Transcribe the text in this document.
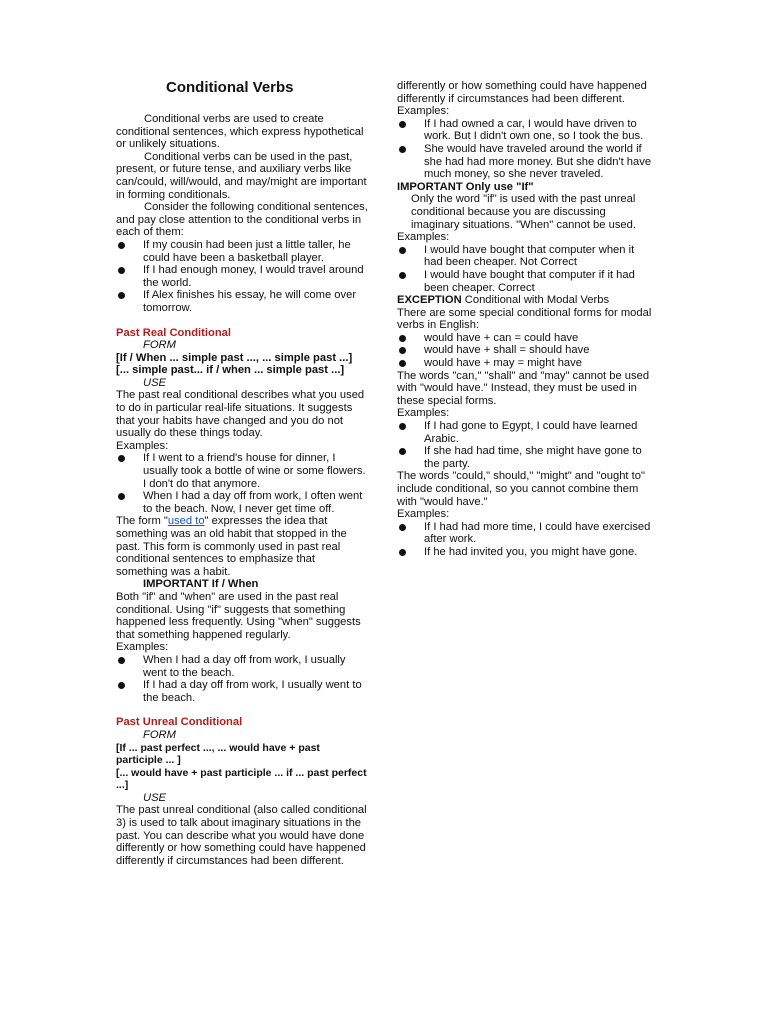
Conditional Verbs

Conditional verbs are used to create conditional sentences, which express hypothetical or unlikely situations.

Conditional verbs can be used in the past, present, or future tense, and auxiliary verbs like can/could, will/would, and may/might are important in forming conditionals.

Consider the following conditional sentences, and pay close attention to the conditional verbs in each of them:

If my cousin had been just a little taller, he could have been a basketball player.
If I had enough money, I would travel around the world.
If Alex finishes his essay, he will come over tomorrow.

Past Real Conditional

FORM

[If / When ... simple past ..., ... simple past ...]

[... simple past... if / when ... simple past ...]

USE

The past real conditional describes what you used to do in particular real-life situations. It suggests that your habits have changed and you do not usually do these things today.

Examples:

If I went to a friend's house for dinner, I usually took a bottle of wine or some flowers. I don't do that anymore.
When I had a day off from work, I often went to the beach. Now, I never get time off.

The form "used to" expresses the idea that something was an old habit that stopped in the past. This form is commonly used in past real conditional sentences to emphasize that something was a habit.

IMPORTANT If / When

Both "if" and "when" are used in the past real conditional. Using "if" suggests that something happened less frequently. Using "when" suggests that something happened regularly.

Examples:

When I had a day off from work, I usually went to the beach.
If I had a day off from work, I usually went to the beach.

Past Unreal Conditional

FORM

[If ... past perfect ..., ... would have + past participle ... ]

[... would have + past participle ... if ... past perfect ...]

USE

The past unreal conditional (also called conditional 3) is used to talk about imaginary situations in the past. You can describe what you would have done differently or how something could have happened differently if circumstances had been different.

differently or how something could have happened differently if circumstances had been different.

Examples:

If I had owned a car, I would have driven to work. But I didn't own one, so I took the bus.
She would have traveled around the world if she had had more money. But she didn't have much money, so she never traveled.

IMPORTANT Only use "If"

Only the word "if" is used with the past unreal conditional because you are discussing imaginary situations. "When" cannot be used.

Examples:

I would have bought that computer when it had been cheaper. Not Correct
I would have bought that computer if it had been cheaper. Correct

EXCEPTION Conditional with Modal Verbs

There are some special conditional forms for modal verbs in English:

would have + can = could have
would have + shall = should have
would have + may = might have

The words "can," "shall" and "may" cannot be used with "would have." Instead, they must be used in these special forms.

Examples:

If I had gone to Egypt, I could have learned Arabic.
If she had had time, she might have gone to the party.

The words "could," should," "might" and "ought to" include conditional, so you cannot combine them with "would have."

Examples:

If I had had more time, I could have exercised after work.
If he had invited you, you might have gone.
